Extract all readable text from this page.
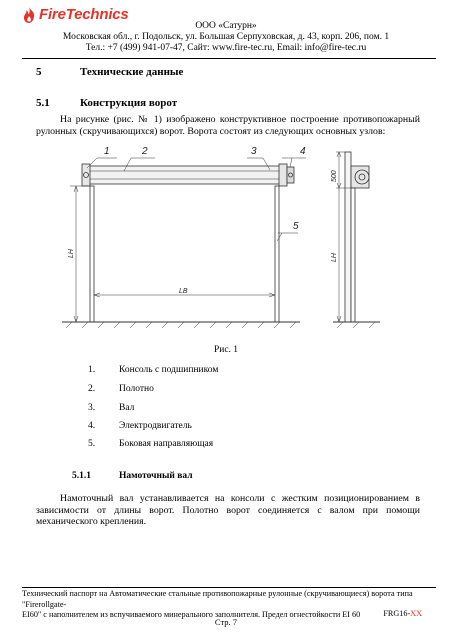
FireTechnics
ООО «Сатурн»
Московская обл., г. Подольск, ул. Большая Серпуховская, д. 43, корп. 206, пом. 1
Тел.: +7 (499) 941-07-47, Сайт: www.fire-tec.ru, Email: info@fire-tec.ru
5	Технические данные
5.1	Конструкция ворот
На рисунке (рис. № 1) изображено конструктивное построение противопожарный рулонных (скручивающихся) ворот. Ворота состоят из следующих основных узлов:
1	2	3	4
5
LВ
LН
500
LН
Рис. 1
1.	Консоль с подшипником
2.	Полотно
3.	Вал
4.	Электродвигатель
5.	Боковая направляющая
5.1.1	Намоточный вал
Намоточный вал устанавливается на консоли с жестким позиционированием в зависимости от длины ворот. Полотно ворот соединяется с валом при помощи механического крепления.
Технический паспорт на Автоматические стальные противопожарные рулонные (скручивающиеся) ворота типа "Firerollgate-
EI60" с наполнителем из вспучиваемого минерального заполнителя. Предел огнестойкости EI 60	FRG16-XX
Стр. 7
